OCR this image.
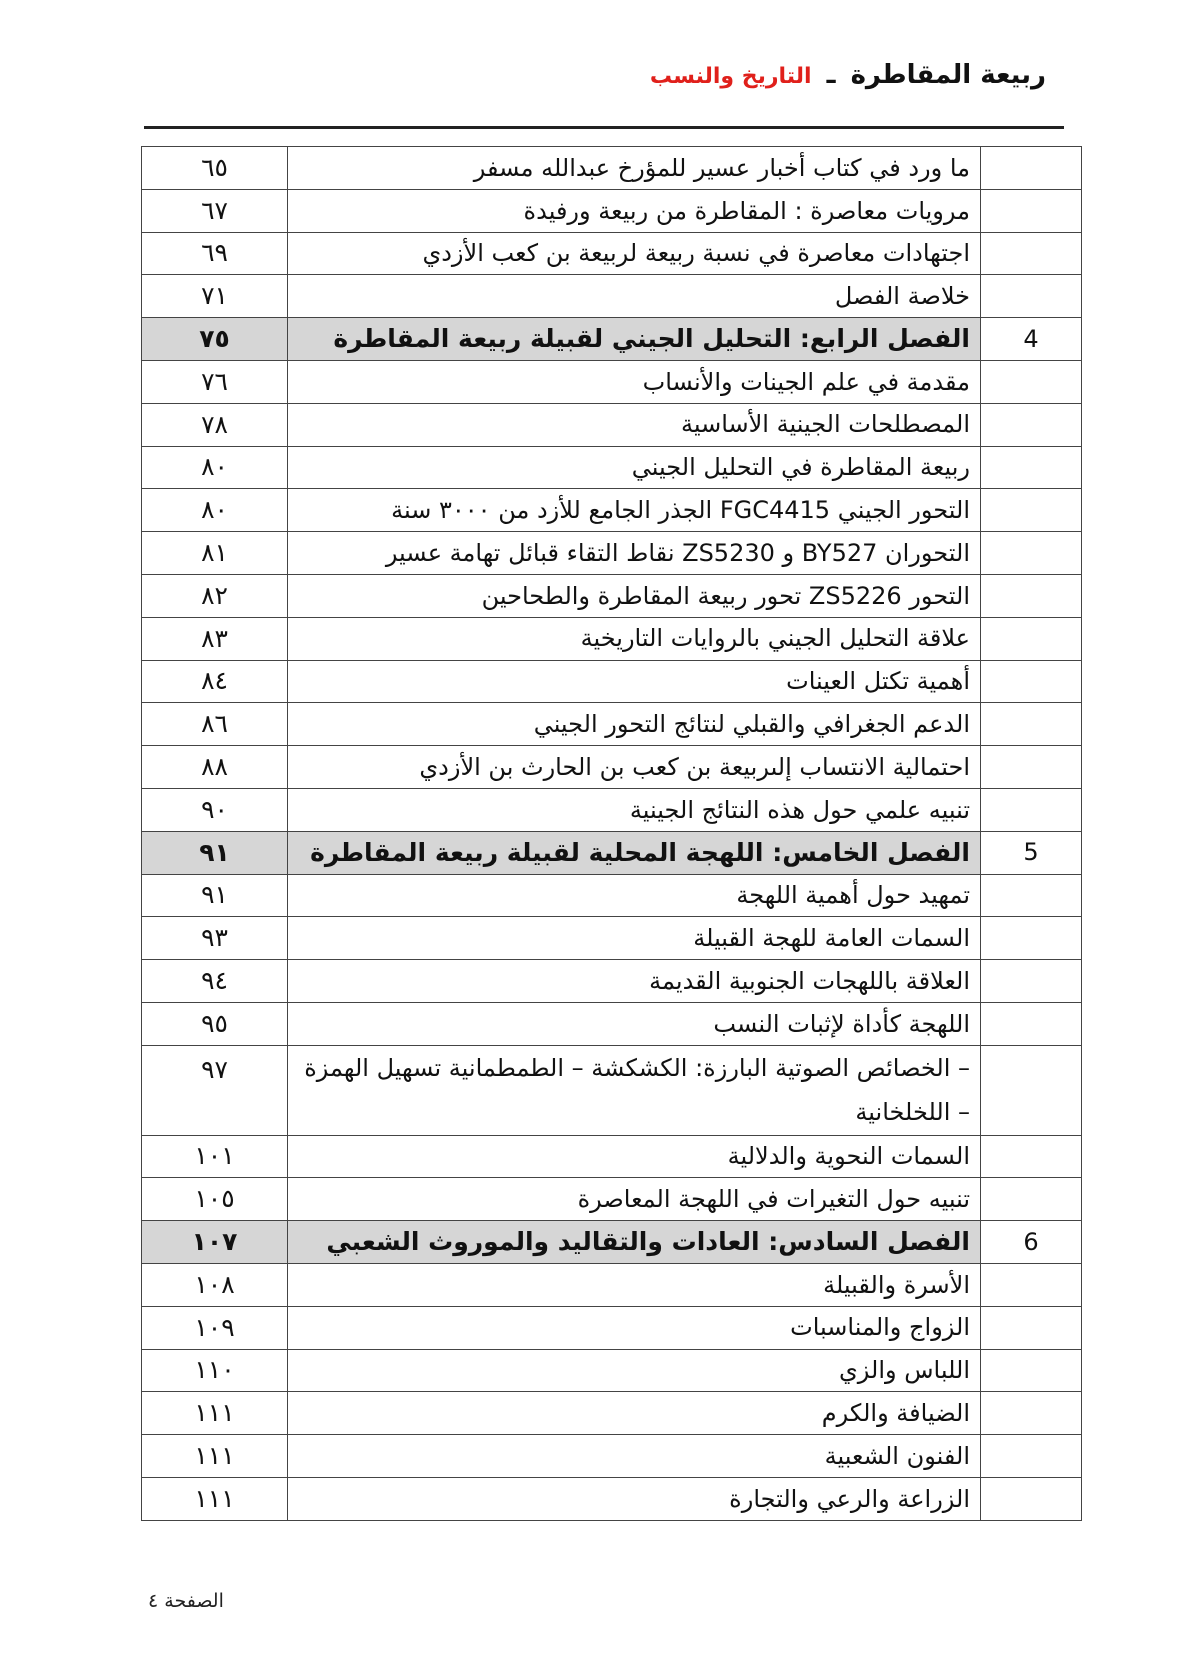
ربيعة المقاطرة ـ التاريخ والنسب
	ما ورد في كتاب أخبار عسير للمؤرخ عبدالله مسفر	٦٥
	مرويات معاصرة : المقاطرة من ربيعة ورفيدة	٦٧
	اجتهادات معاصرة في نسبة ربيعة لربيعة بن كعب الأزدي	٦٩
	خلاصة الفصل	٧١
4	الفصل الرابع: التحليل الجيني لقبيلة ربيعة المقاطرة	٧٥
	مقدمة في علم الجينات والأنساب	٧٦
	المصطلحات الجينية الأساسية	٧٨
	ربيعة المقاطرة في التحليل الجيني	٨٠
	التحور الجيني FGC4415 الجذر الجامع للأزد من ٣٠٠٠ سنة	٨٠
	التحوران BY527 و ZS5230 نقاط التقاء قبائل تهامة عسير	٨١
	التحور ZS5226 تحور ربيعة المقاطرة والطحاحين	٨٢
	علاقة التحليل الجيني بالروايات التاريخية	٨٣
	أهمية تكتل العينات	٨٤
	الدعم الجغرافي والقبلي لنتائج التحور الجيني	٨٦
	احتمالية الانتساب إلىربيعة بن كعب بن الحارث بن الأزدي	٨٨
	تنبيه علمي حول هذه النتائج الجينية	٩٠
5	الفصل الخامس: اللهجة المحلية لقبيلة ربيعة المقاطرة	٩١
	تمهيد حول أهمية اللهجة	٩١
	السمات العامة للهجة القبيلة	٩٣
	العلاقة باللهجات الجنوبية القديمة	٩٤
	اللهجة كأداة لإثبات النسب	٩٥
	– الخصائص الصوتية البارزة: الكشكشة – الطمطمانية تسهيل الهمزة – اللخلخانية	٩٧
	السمات النحوية والدلالية	١٠١
	تنبيه حول التغيرات في اللهجة المعاصرة	١٠٥
6	الفصل السادس: العادات والتقاليد والموروث الشعبي	١٠٧
	الأسرة والقبيلة	١٠٨
	الزواج والمناسبات	١٠٩
	اللباس والزي	١١٠
	الضيافة والكرم	١١١
	الفنون الشعبية	١١١
	الزراعة والرعي والتجارة	١١١
الصفحة ٤
